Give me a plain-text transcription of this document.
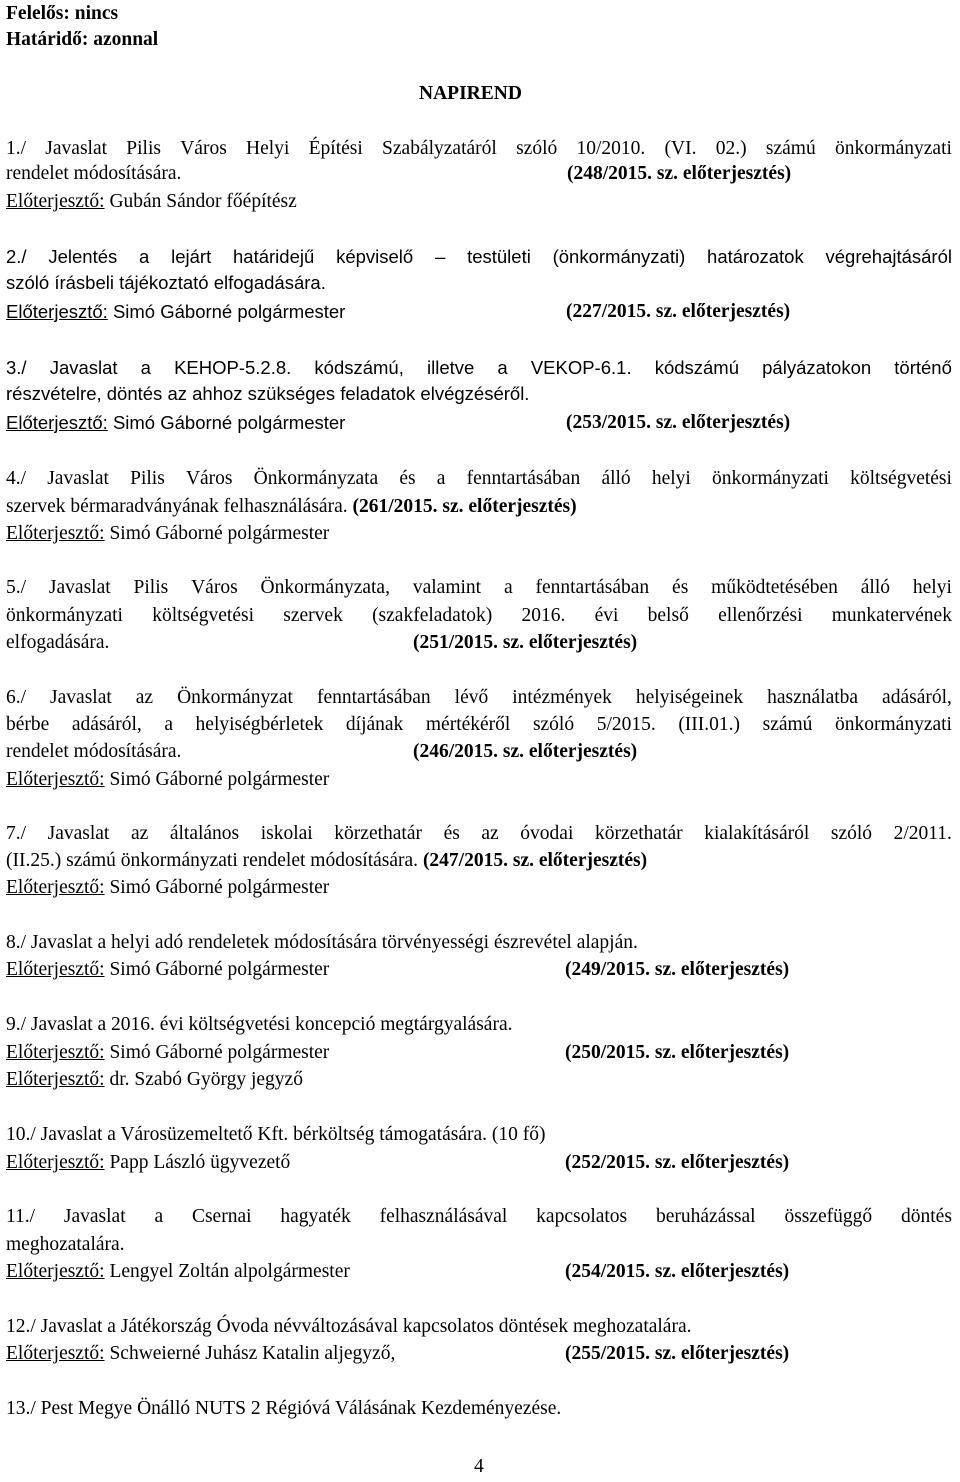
Felelős: nincs
Határidő: azonnal
NAPIREND
1./ Javaslat Pilis Város Helyi Építési Szabályzatáról szóló 10/2010. (VI. 02.) számú önkormányzati
rendelet módosítására.	(248/2015. sz. előterjesztés)
Előterjesztő: Gubán Sándor főépítész
2./ Jelentés a lejárt határidejű képviselő – testületi (önkormányzati) határozatok végrehajtásáról
szóló írásbeli tájékoztató elfogadására.
Előterjesztő: Simó Gáborné polgármester	(227/2015. sz. előterjesztés)
3./ Javaslat a KEHOP-5.2.8. kódszámú, illetve a VEKOP-6.1. kódszámú pályázatokon történő
részvételre, döntés az ahhoz szükséges feladatok elvégzéséről.
Előterjesztő: Simó Gáborné polgármester	(253/2015. sz. előterjesztés)
4./ Javaslat Pilis Város Önkormányzata és a fenntartásában álló helyi önkormányzati költségvetési
szervek bérmaradványának felhasználására. (261/2015. sz. előterjesztés)
Előterjesztő: Simó Gáborné polgármester
5./ Javaslat Pilis Város Önkormányzata, valamint a fenntartásában és működtetésében álló helyi
önkormányzati költségvetési szervek (szakfeladatok) 2016. évi belső ellenőrzési munkatervének
elfogadására.	(251/2015. sz. előterjesztés)
6./ Javaslat az Önkormányzat fenntartásában lévő intézmények helyiségeinek használatba adásáról,
bérbe adásáról, a helyiségbérletek díjának mértékéről szóló 5/2015. (III.01.) számú önkormányzati
rendelet módosítására.	(246/2015. sz. előterjesztés)
Előterjesztő: Simó Gáborné polgármester
7./ Javaslat az általános iskolai körzethatár és az óvodai körzethatár kialakításáról szóló 2/2011.
(II.25.) számú önkormányzati rendelet módosítására. (247/2015. sz. előterjesztés)
Előterjesztő: Simó Gáborné polgármester
8./ Javaslat a helyi adó rendeletek módosítására törvényességi észrevétel alapján.
Előterjesztő: Simó Gáborné polgármester	(249/2015. sz. előterjesztés)
9./ Javaslat a 2016. évi költségvetési koncepció megtárgyalására.
Előterjesztő: Simó Gáborné polgármester	(250/2015. sz. előterjesztés)
Előterjesztő: dr. Szabó György jegyző
10./ Javaslat a Városüzemeltető Kft. bérköltség támogatására. (10 fő)
Előterjesztő: Papp László ügyvezető	(252/2015. sz. előterjesztés)
11./ Javaslat a Csernai hagyaték felhasználásával kapcsolatos beruházással összefüggő döntés
meghozatalára.
Előterjesztő: Lengyel Zoltán alpolgármester	(254/2015. sz. előterjesztés)
12./ Javaslat a Játékország Óvoda névváltozásával kapcsolatos döntések meghozatalára.
Előterjesztő: Schweierné Juhász Katalin aljegyző,	(255/2015. sz. előterjesztés)
13./ Pest Megye Önálló NUTS 2 Régióvá Válásának Kezdeményezése.
4
